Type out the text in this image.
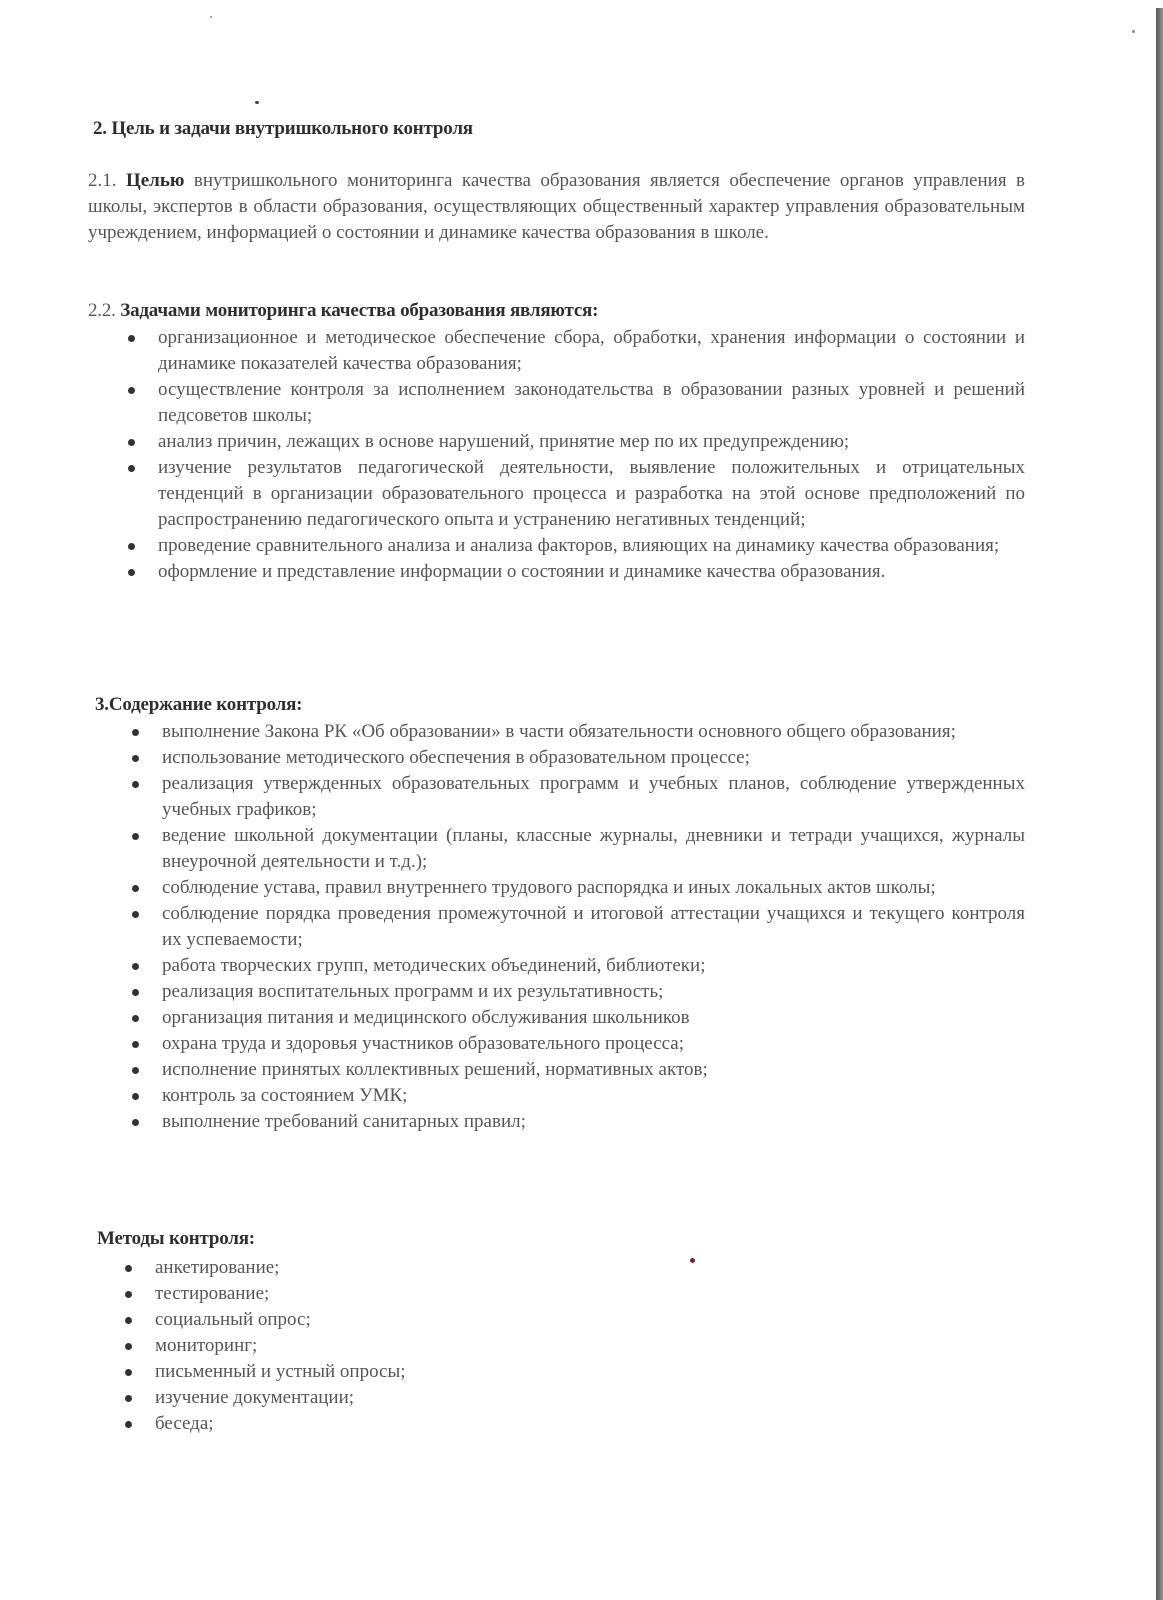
2. Цель и задачи внутришкольного контроля
2.1. Целью внутришкольного мониторинга качества образования является обеспечение органов управления в школы, экспертов в области образования, осуществляющих общественный характер управления образовательным учреждением, информацией о состоянии и динамике качества образования в школе.
2.2. Задачами мониторинга качества образования являются:
организационное и методическое обеспечение сбора, обработки, хранения информации о состоянии и динамике показателей качества образования;
осуществление контроля за исполнением законодательства в образовании разных уровней и решений педсоветов школы;
анализ причин, лежащих в основе нарушений, принятие мер по их предупреждению;
изучение результатов педагогической деятельности, выявление положительных и отрицательных тенденций в организации образовательного процесса и разработка на этой основе предположений по распространению педагогического опыта и устранению негативных тенденций;
проведение сравнительного анализа и анализа факторов, влияющих на динамику качества образования;
оформление и представление информации о состоянии и динамике качества образования.
3.Содержание контроля:
выполнение Закона РК «Об образовании» в части обязательности основного общего образования;
использование методического обеспечения в образовательном процессе;
реализация утвержденных образовательных программ и учебных планов, соблюдение утвержденных учебных графиков;
ведение школьной документации (планы, классные журналы, дневники и тетради учащихся, журналы внеурочной деятельности и т.д.);
соблюдение устава, правил внутреннего трудового распорядка и иных локальных актов школы;
соблюдение порядка проведения промежуточной и итоговой аттестации учащихся и текущего контроля их успеваемости;
работа творческих групп, методических объединений, библиотеки;
реализация воспитательных программ и их результативность;
организация питания и медицинского обслуживания школьников
охрана труда и здоровья участников образовательного процесса;
исполнение принятых коллективных решений, нормативных актов;
контроль за состоянием УМК;
выполнение требований санитарных правил;
Методы контроля:
анкетирование;
тестирование;
социальный опрос;
мониторинг;
письменный и устный опросы;
изучение документации;
беседа;
